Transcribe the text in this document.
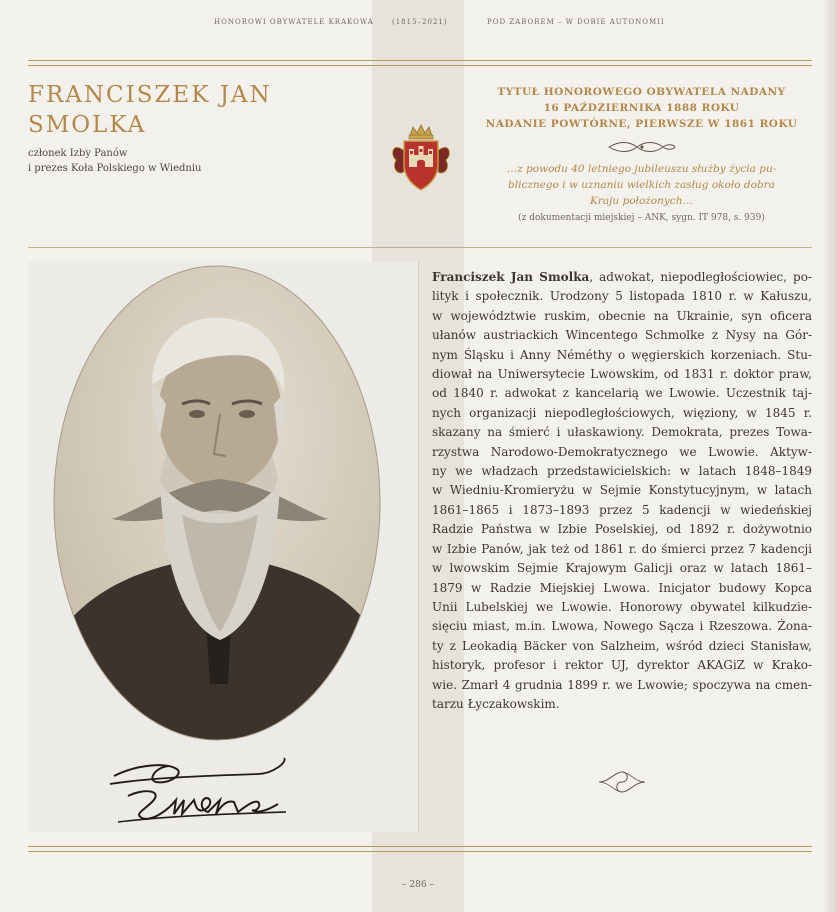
HONOROWI OBYWATELE KRAKOWA	(1815–2021)	POD ZABOREM – W DOBIE AUTONOMII
FRANCISZEK JAN
SMOLKA
członek Izby Panów
i prezes Koła Polskiego w Wiedniu
TYTUŁ HONOROWEGO OBYWATELA NADANY
16 PAŹDZIERNIKA 1888 ROKU
NADANIE POWTÓRNE, PIERWSZE W 1861 ROKU
…z powodu 40 letniego jubileuszu służby życia pu-
blicznego i w uznaniu wielkich zasług około dobra
Kraju położonych…
(z dokumentacji miejskiej – ANK, sygn. IT 978, s. 939)
Franciszek Jan Smolka, adwokat, niepodległościowiec, po-
lityk i społecznik. Urodzony 5 listopada 1810 r. w Kałuszu,
w województwie ruskim, obecnie na Ukrainie, syn oficera
ułanów austriackich Wincentego Schmolke z Nysy na Gór-
nym Śląsku i Anny Néméthy o węgierskich korzeniach. Stu-
diował na Uniwersytecie Lwowskim, od 1831 r. doktor praw,
od 1840 r. adwokat z kancelarią we Lwowie. Uczestnik taj-
nych organizacji niepodległościowych, więziony, w 1845 r.
skazany na śmierć i ułaskawiony. Demokrata, prezes Towa-
rzystwa Narodowo-Demokratycznego we Lwowie. Aktyw-
ny we władzach przedstawicielskich: w latach 1848–1849
w Wiedniu-Kromieryżu w Sejmie Konstytucyjnym, w latach
1861–1865 i 1873–1893 przez 5 kadencji w wiedeńskiej
Radzie Państwa w Izbie Poselskiej, od 1892 r. dożywotnio
w Izbie Panów, jak też od 1861 r. do śmierci przez 7 kadencji
w lwowskim Sejmie Krajowym Galicji oraz w latach 1861–
1879 w Radzie Miejskiej Lwowa. Inicjator budowy Kopca
Unii Lubelskiej we Lwowie. Honorowy obywatel kilkudzie-
sięciu miast, m.in. Lwowa, Nowego Sącza i Rzeszowa. Żona-
ty z Leokadią Bäcker von Salzheim, wśród dzieci Stanisław,
historyk, profesor i rektor UJ, dyrektor AKAGiZ w Krako-
wie. Zmarł 4 grudnia 1899 r. we Lwowie; spoczywa na cmen-
tarzu Łyczakowskim.
– 286 –
